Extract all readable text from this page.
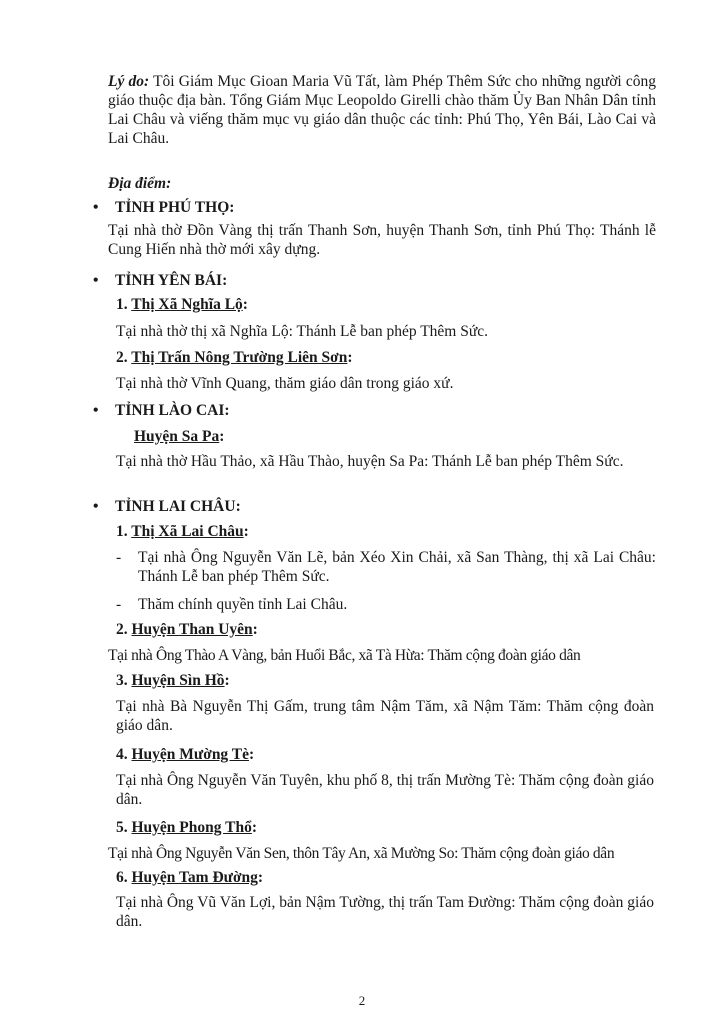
Lý do: Tôi Giám Mục Gioan Maria Vũ Tất, làm Phép Thêm Sức cho những người công giáo thuộc địa bàn. Tổng Giám Mục Leopoldo Girelli chào thăm Ủy Ban Nhân Dân tỉnh Lai Châu và viếng thăm mục vụ giáo dân thuộc các tỉnh: Phú Thọ, Yên Bái, Lào Cai và Lai Châu.
Địa điểm:
• TỈNH PHÚ THỌ:
Tại nhà thờ Đồn Vàng thị trấn Thanh Sơn, huyện Thanh Sơn, tỉnh Phú Thọ: Thánh lễ Cung Hiến nhà thờ mới xây dựng.
• TỈNH YÊN BÁI:
1. Thị Xã Nghĩa Lộ:
Tại nhà thờ thị xã Nghĩa Lộ: Thánh Lễ ban phép Thêm Sức.
2. Thị Trấn Nông Trường Liên Sơn:
Tại nhà thờ Vĩnh Quang, thăm giáo dân trong giáo xứ.
• TỈNH LÀO CAI:
Huyện Sa Pa:
Tại nhà thờ Hầu Thảo, xã Hầu Thào, huyện Sa Pa: Thánh Lễ ban phép Thêm Sức.
• TỈNH LAI CHÂU:
1. Thị Xã Lai Châu:
- Tại nhà Ông Nguyễn Văn Lẽ, bản Xéo Xin Chải, xã San Thàng, thị xã Lai Châu: Thánh Lễ ban phép Thêm Sức.
- Thăm chính quyền tỉnh Lai Châu.
2. Huyện Than Uyên:
Tại nhà Ông Thào A Vàng, bản Huổi Bắc, xã Tà Hừa: Thăm cộng đoàn giáo dân
3. Huyện Sìn Hồ:
Tại nhà Bà Nguyễn Thị Gấm, trung tâm Nậm Tăm, xã Nậm Tăm: Thăm cộng đoàn giáo dân.
4. Huyện Mường Tè:
Tại nhà Ông Nguyễn Văn Tuyên, khu phố 8, thị trấn Mường Tè: Thăm cộng đoàn giáo dân.
5. Huyện Phong Thổ:
Tại nhà Ông Nguyễn Văn Sen, thôn Tây An, xã Mường So: Thăm cộng đoàn giáo dân
6. Huyện Tam Đường:
Tại nhà Ông Vũ Văn Lợi, bản Nậm Tường, thị trấn Tam Đường: Thăm cộng đoàn giáo dân.
2
